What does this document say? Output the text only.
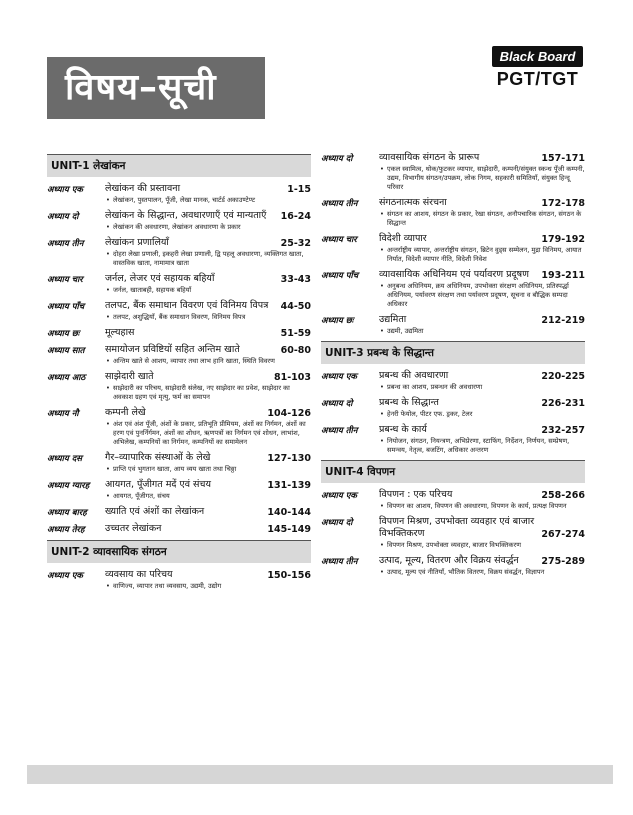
विषय–सूची
Black Board
PGT/TGT
UNIT-1 लेखांकन
अध्याय एक	लेखांकन की प्रस्तावना	1-15
• लेखांकन, पुस्तपालन, पूँजी, लेखा मानक, चार्टर्ड अकाउण्टेण्ट
अध्याय दो	लेखांकन के सिद्धान्त, अवधारणाएँ एवं मान्यताएँ	16-24
• लेखांकन की अवधारणा, लेखांकन अवधारणा के प्रकार
अध्याय तीन	लेखांकन प्रणालियाँ	25-32
• दोहरा लेखा प्रणाली, इकहरी लेखा प्रणाली, द्वि पहलू अवधारणा, व्यक्तिगत खाता, वास्तविक खाता, नामामात्र खाता
अध्याय चार	जर्नल, लेजर एवं सहायक बहियाँ	33-43
• जर्नल, खाताबही, सहायक बहियाँ
अध्याय पाँच	तलपट, बैंक समाधान विवरण एवं विनिमय विपत्र	44-50
• तलपट, अशुद्धियाँ, बैंक समाधान विवरण, विनिमय विपत्र
अध्याय छः	मूल्यहास	51-59
अध्याय सात	समायोजन प्रविष्टियों सहित अन्तिम खाते	60-80
• अन्तिम खाते से आशय, व्यापार तथा लाभ हानि खाता, स्थिति विवरण
अध्याय आठ	साझेदारी खाते	81-103
• साझेदारी का परिचय, साझेदारी संलेख, नए साझेदार का प्रवेश, साझेदार का अवकाश ग्रहण एवं मृत्यु, फर्म का समापन
अध्याय नौ	कम्पनी लेखे	104-126
• अंश एवं अंश पूँजी, अंशों के प्रकार, प्रतिभूति प्रीमियम, अंशों का निर्गमन, अंशों का हरण एवं पुनर्निर्गमन, अंशों का शोधन, ऋणपत्रों का निर्गमन एवं शोधन, लाभांश, अभिलेख, कम्पनियों का निर्गमन, कम्पनियों का समामेलन
अध्याय दस	गैर–व्यापारिक संस्थाओं के लेखे	127-130
• प्राप्ति एवं भुगतान खाता, आय व्यय खाता तथा चिठ्ठा
अध्याय ग्यारह	आयगत, पूँजीगत मदें एवं संचय	131-139
• आयगत, पूँजीगत, संचय
अध्याय बारह	ख्याति एवं अंशों का लेखांकन	140-144
अध्याय तेरह	उच्चतर लेखांकन	145-149
UNIT-2 व्यावसायिक संगठन
अध्याय एक	व्यवसाय का परिचय	150-156
• वाणिज्य, व्यापार तथा व्यवसाय, उद्यमी, उद्योग
अध्याय दो	व्यावसायिक संगठन के प्रारूप	157-171
• एकल स्वामित्व, थोक/फुटकर व्यापार, साझेदारी, कम्पनी/संयुक्त स्कन्ध पूँजी कम्पनी, उद्यम, विभागीय संगठन/उपक्रम, लोक निगम, सहकारी समितियाँ, संयुक्त हिन्दू परिवार
अध्याय तीन	संगठनात्मक संरचना	172-178
• संगठन का आशय, संगठन के प्रकार, रेखा संगठन, अनौपचारिक संगठन, संगठन के सिद्धान्त
अध्याय चार	विदेशी व्यापार	179-192
• अन्तर्राष्ट्रीय व्यापार, अन्तर्राष्ट्रीय संगठन, ब्रिटेन वुड्स सम्मेलन, मुद्रा विनिमय, आयात निर्यात, विदेशी व्यापार नीति, विदेशी निवेश
अध्याय पाँच	व्यावसायिक अधिनियम एवं पर्यावरण प्रदूषण	193-211
• अनुबन्ध अधिनियम, क्रय अधिनियम, उपभोक्ता संरक्षण अधिनियम, प्रतिस्पर्द्धा अधिनियम, पर्यावरण संरक्षण तथा पर्यावरण प्रदूषण, सूचना व बौद्धिक सम्पदा अधिकार
अध्याय छः	उद्यमिता	212-219
• उद्यमी, उद्यमिता
UNIT-3 प्रबन्ध के सिद्धान्त
अध्याय एक	प्रबन्ध की अवधारणा	220-225
• प्रबन्ध का आशय, प्रबन्धन की अवधारणा
अध्याय दो	प्रबन्ध के सिद्धान्त	226-231
• हेनरी फेयोल, पीटर एफ. ड्रकर, टेलर
अध्याय तीन	प्रबन्ध के कार्य	232-257
• नियोजन, संगठन, नियन्त्रण, अभिप्रेरणा, स्टाफिंग, निर्देशन, निर्णयन, सम्प्रेषण, समन्वय, नेतृत्व, बजटिंग, अधिकार अन्तरण
UNIT-4 विपणन
अध्याय एक	विपणन : एक परिचय	258-266
• विपणन का आशय, विपणन की अवधारणा, विपणन के कार्य, प्रत्यक्ष विपणन
अध्याय दो	विपणन मिश्रण, उपभोक्ता व्यवहार एवं बाजार विभक्तिकरण	267-274
• विपणन मिश्रण, उपभोक्ता व्यवहार, बाजार विभक्तिकरण
अध्याय तीन	उत्पाद, मूल्य, वितरण और विक्रय संवर्द्धन	275-289
• उत्पाद, मूल्य एवं नीतियाँ, भौतिक वितरण, विक्रय संवर्द्धन, विज्ञापन
